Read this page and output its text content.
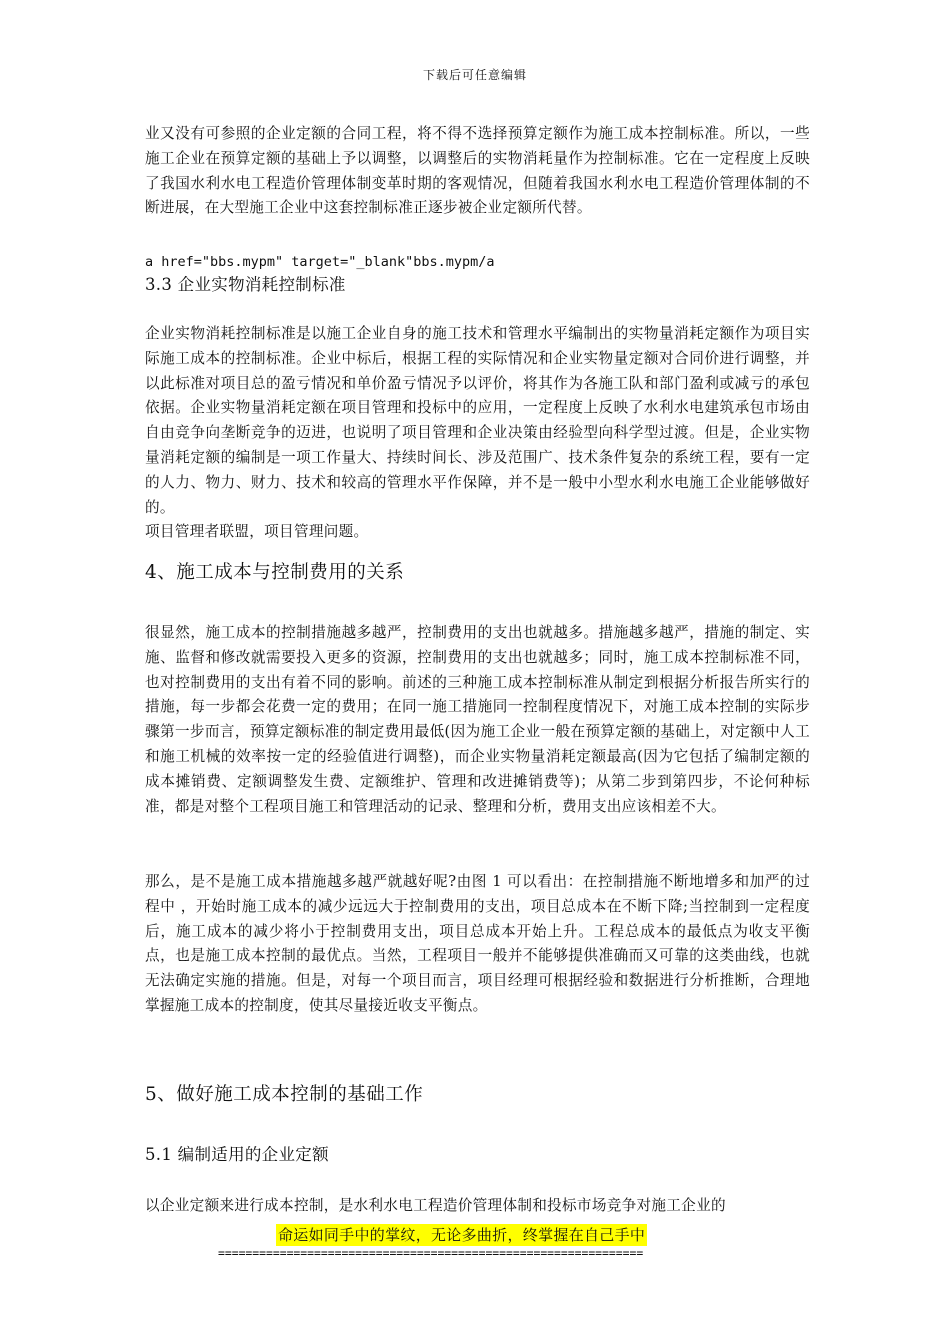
下载后可任意编辑

业又没有可参照的企业定额的合同工程，将不得不选择预算定额作为施工成本控制标准。所以，一些施工企业在预算定额的基础上予以调整，以调整后的实物消耗量作为控制标准。它在一定程度上反映了我国水利水电工程造价管理体制变革时期的客观情况，但随着我国水利水电工程造价管理体制的不断进展，在大型施工企业中这套控制标准正逐步被企业定额所代替。

a href="bbs.mypm" target="_blank"bbs.mypm/a

3.3 企业实物消耗控制标准

企业实物消耗控制标准是以施工企业自身的施工技术和管理水平编制出的实物量消耗定额作为项目实际施工成本的控制标准。企业中标后，根据工程的实际情况和企业实物量定额对合同价进行调整，并以此标准对项目总的盈亏情况和单价盈亏情况予以评价，将其作为各施工队和部门盈利或减亏的承包依据。企业实物量消耗定额在项目管理和投标中的应用，一定程度上反映了水利水电建筑承包市场由自由竞争向垄断竞争的迈进，也说明了项目管理和企业决策由经验型向科学型过渡。但是，企业实物量消耗定额的编制是一项工作量大、持续时间长、涉及范围广、技术条件复杂的系统工程，要有一定的人力、物力、财力、技术和较高的管理水平作保障，并不是一般中小型水利水电施工企业能够做好的。

项目管理者联盟，项目管理问题。

4、施工成本与控制费用的关系

很显然，施工成本的控制措施越多越严，控制费用的支出也就越多。措施越多越严，措施的制定、实施、监督和修改就需要投入更多的资源，控制费用的支出也就越多；同时，施工成本控制标准不同，也对控制费用的支出有着不同的影响。前述的三种施工成本控制标准从制定到根据分析报告所实行的措施，每一步都会花费一定的费用；在同一施工措施同一控制程度情况下，对施工成本控制的实际步骤第一步而言，预算定额标准的制定费用最低(因为施工企业一般在预算定额的基础上，对定额中人工和施工机械的效率按一定的经验值进行调整)，而企业实物量消耗定额最高(因为它包括了编制定额的成本摊销费、定额调整发生费、定额维护、管理和改进摊销费等)；从第二步到第四步，不论何种标准，都是对整个工程项目施工和管理活动的记录、整理和分析，费用支出应该相差不大。

那么，是不是施工成本措施越多越严就越好呢?由图 1 可以看出：在控制措施不断地增多和加严的过程中 ，开始时施工成本的减少远远大于控制费用的支出，项目总成本在不断下降;当控制到一定程度后，施工成本的减少将小于控制费用支出，项目总成本开始上升。工程总成本的最低点为收支平衡点，也是施工成本控制的最优点。当然，工程项目一般并不能够提供准确而又可靠的这类曲线，也就无法确定实施的措施。但是，对每一个项目而言，项目经理可根据经验和数据进行分析推断，合理地掌握施工成本的控制度，使其尽量接近收支平衡点。

5、做好施工成本控制的基础工作
5.1 编制适用的企业定额

以企业定额来进行成本控制，是水利水电工程造价管理体制和投标市场竞争对施工企业的

命运如同手中的掌纹，无论多曲折，终掌握在自己手中
==============================================================
